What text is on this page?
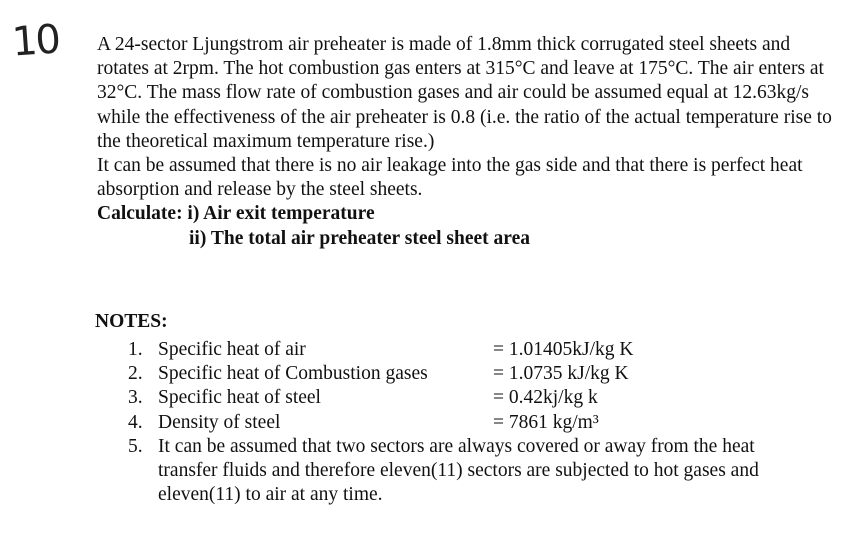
10 A 24-sector Ljungstrom air preheater is made of 1.8mm thick corrugated steel sheets and rotates at 2rpm. The hot combustion gas enters at 315°C and leave at 175°C. The air enters at 32°C. The mass flow rate of combustion gases and air could be assumed equal at 12.63kg/s while the effectiveness of the air preheater is 0.8 (i.e. the ratio of the actual temperature rise to the theoretical maximum temperature rise.)

It can be assumed that there is no air leakage into the gas side and that there is perfect heat absorption and release by the steel sheets.

Calculate: i) Air exit temperature

ii) The total air preheater steel sheet area

NOTES:
1. Specific heat of air	= 1.01405kJ/kg K
2. Specific heat of Combustion gases	= 1.0735 kJ/kg K
3. Specific heat of steel	= 0.42kj/kg k
4. Density of steel	= 7861 kg/m³
5. It can be assumed that two sectors are always covered or away from the heat transfer fluids and therefore eleven(11) sectors are subjected to hot gases and eleven(11) to air at any time.
